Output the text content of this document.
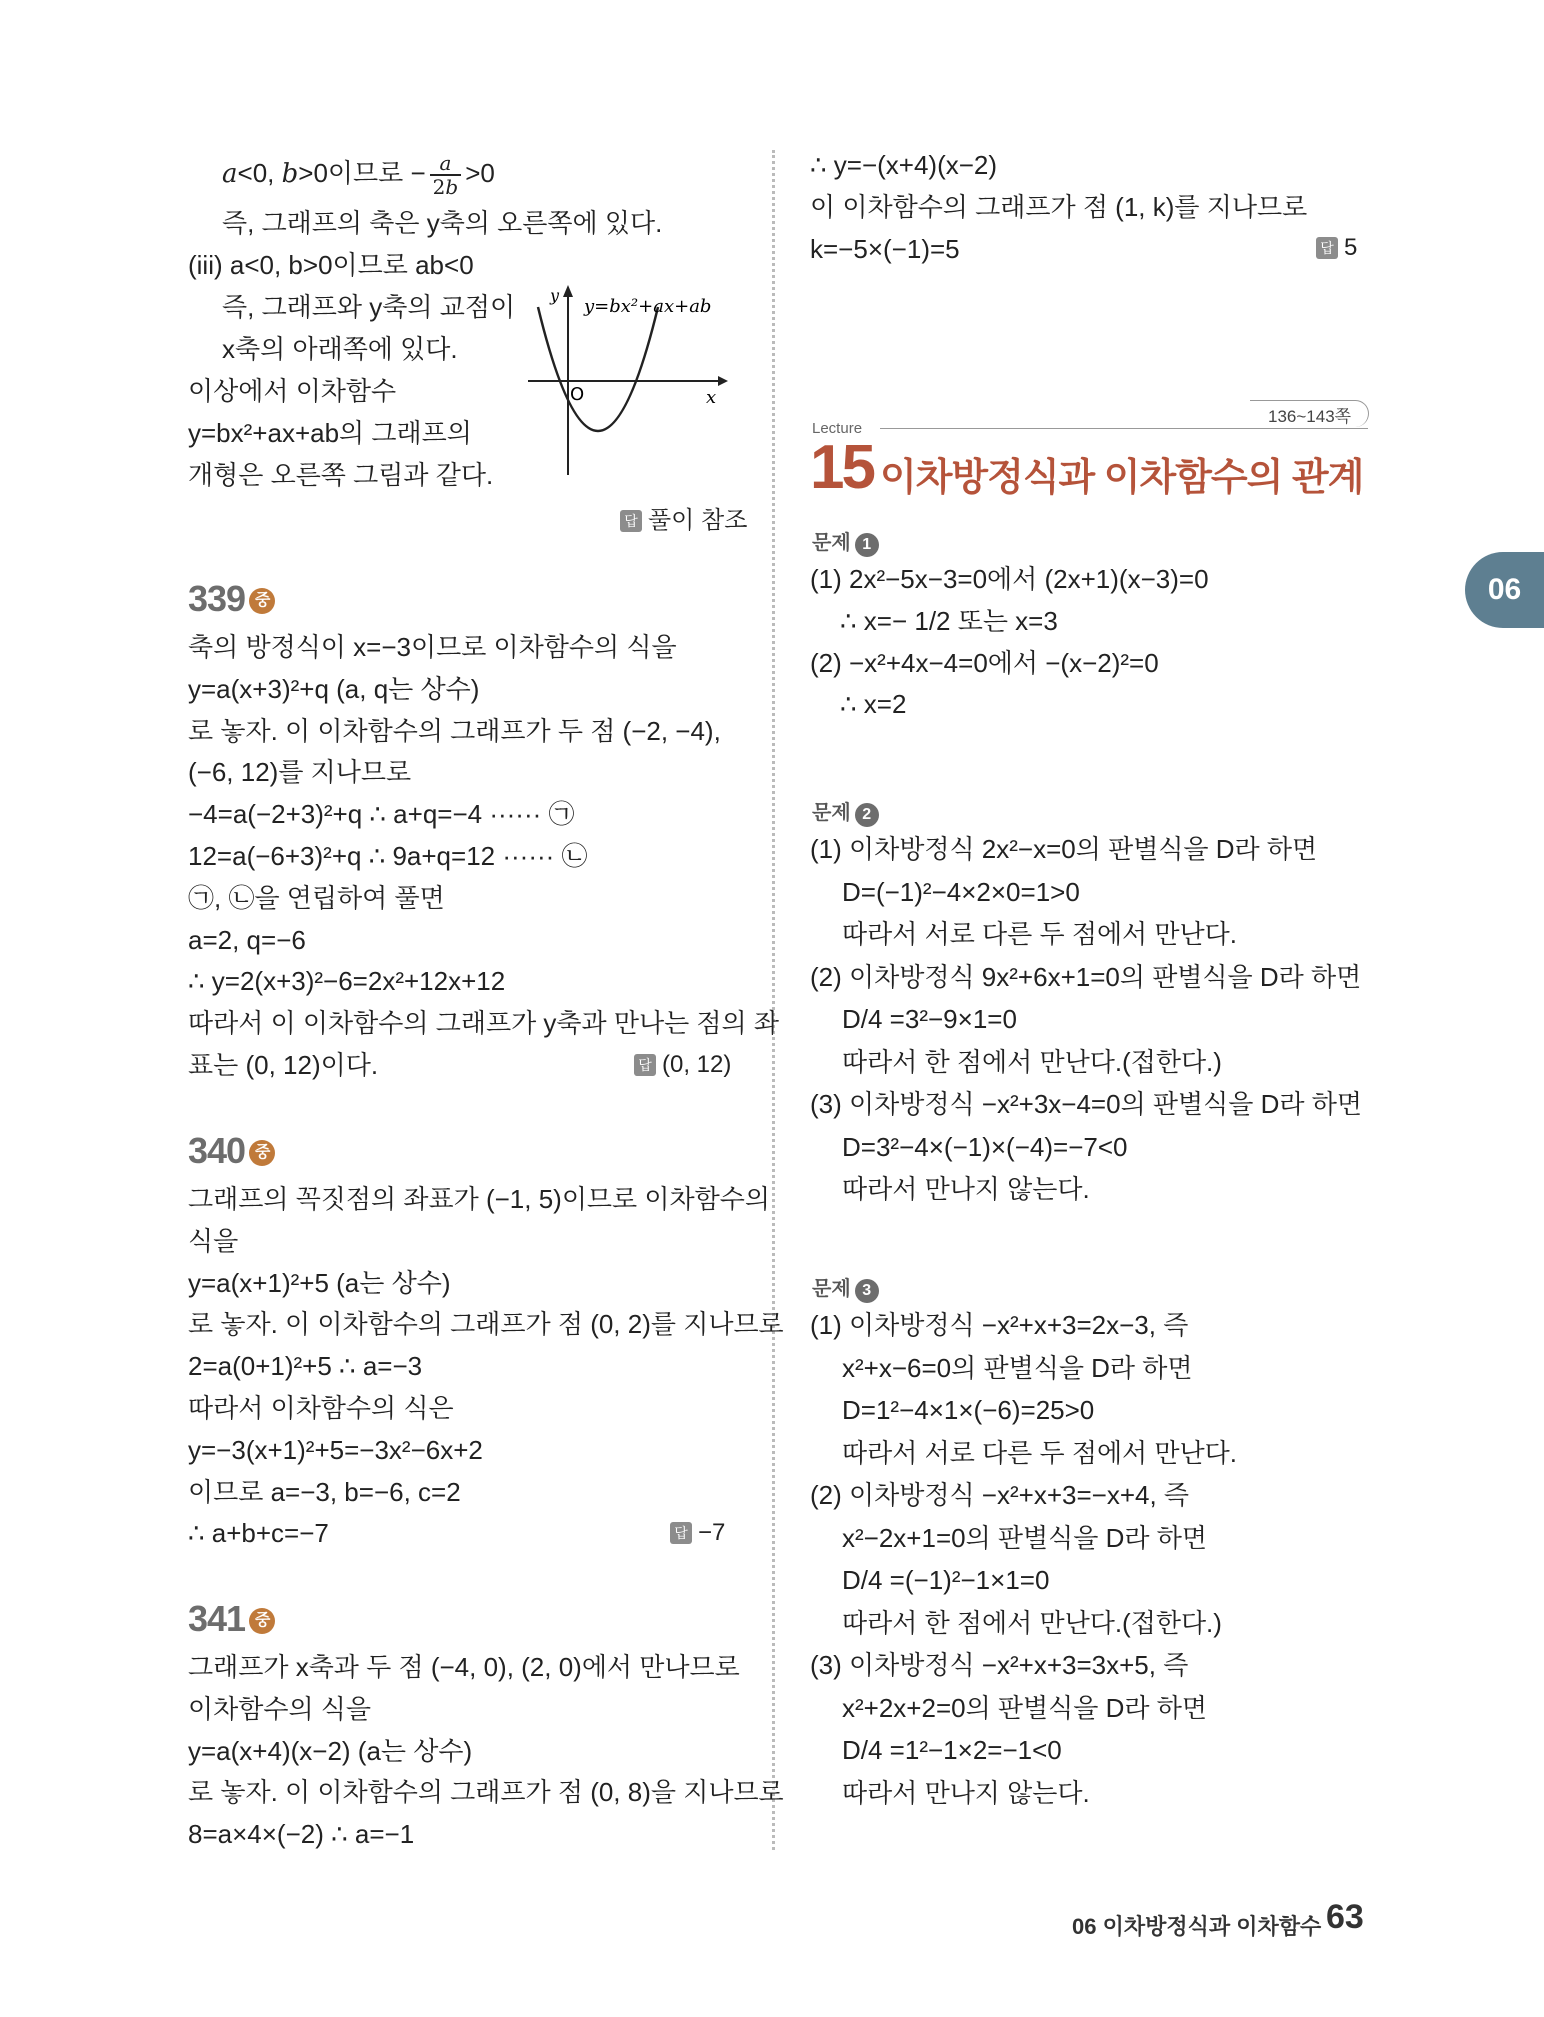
a<0, b>0이므로 − $\frac{a}{2b} >0$
즉, 그래프의 축은 y축의 오른쪽에 있다.
(iii) a<0, b>0이므로 ab<0
즉, 그래프와 y축의 교점이
x축의 아래쪽에 있다.
이상에서 이차함수
y=bx²+ax+ab의 그래프의
개형은 오른쪽 그림과 같다.
O	x
y
y=bx²+ax+ab
답 풀이 참조
339 중
축의 방정식이 x=−3이므로 이차함수의 식을
y=a(x+3)²+q (a, q는 상수)
로 놓자. 이 이차함수의 그래프가 두 점 (−2, −4),
(−6, 12)를 지나므로
−4=a(−2+3)²+q ∴ a+q=−4 ······ ㉠
12=a(−6+3)²+q ∴ 9a+q=12 ······ ㉡
㉠, ㉡을 연립하여 풀면
a=2, q=−6
∴ y=2(x+3)²−6=2x²+12x+12
따라서 이 이차함수의 그래프가 y축과 만나는 점의 좌
표는 (0, 12)이다.	답 (0, 12)
340 중
그래프의 꼭짓점의 좌표가 (−1, 5)이므로 이차함수의
식을
y=a(x+1)²+5 (a는 상수)
로 놓자. 이 이차함수의 그래프가 점 (0, 2)를 지나므로
2=a(0+1)²+5 ∴ a=−3
따라서 이차함수의 식은
y=−3(x+1)²+5=−3x²−6x+2
이므로 a=−3, b=−6, c=2
∴ a+b+c=−7	답 −7
341 중
그래프가 x축과 두 점 (−4, 0), (2, 0)에서 만나므로
이차함수의 식을
y=a(x+4)(x−2) (a는 상수)
로 놓자. 이 이차함수의 그래프가 점 (0, 8)을 지나므로
8=a×4×(−2) ∴ a=−1
∴ y=−(x+4)(x−2)
이 이차함수의 그래프가 점 (1, k)를 지나므로
k=−5×(−1)=5	답 5
136~143쪽
Lecture
15 이차방정식과 이차함수의 관계
문제 1
(1) 2x²−5x−3=0에서 (2x+1)(x−3)=0
∴ x=− 1/2 또는 x=3
(2) −x²+4x−4=0에서 −(x−2)²=0
∴ x=2
문제 2
(1) 이차방정식 2x²−x=0의 판별식을 D라 하면
D=(−1)²−4×2×0=1>0
따라서 서로 다른 두 점에서 만난다.
(2) 이차방정식 9x²+6x+1=0의 판별식을 D라 하면
D/4 =3²−9×1=0
따라서 한 점에서 만난다.(접한다.)
(3) 이차방정식 −x²+3x−4=0의 판별식을 D라 하면
D=3²−4×(−1)×(−4)=−7<0
따라서 만나지 않는다.
문제 3
(1) 이차방정식 −x²+x+3=2x−3, 즉
x²+x−6=0의 판별식을 D라 하면
D=1²−4×1×(−6)=25>0
따라서 서로 다른 두 점에서 만난다.
(2) 이차방정식 −x²+x+3=−x+4, 즉
x²−2x+1=0의 판별식을 D라 하면
D/4 =(−1)²−1×1=0
따라서 한 점에서 만난다.(접한다.)
(3) 이차방정식 −x²+x+3=3x+5, 즉
x²+2x+2=0의 판별식을 D라 하면
D/4 =1²−1×2=−1<0
따라서 만나지 않는다.
06
06 이차방정식과 이차함수 63
